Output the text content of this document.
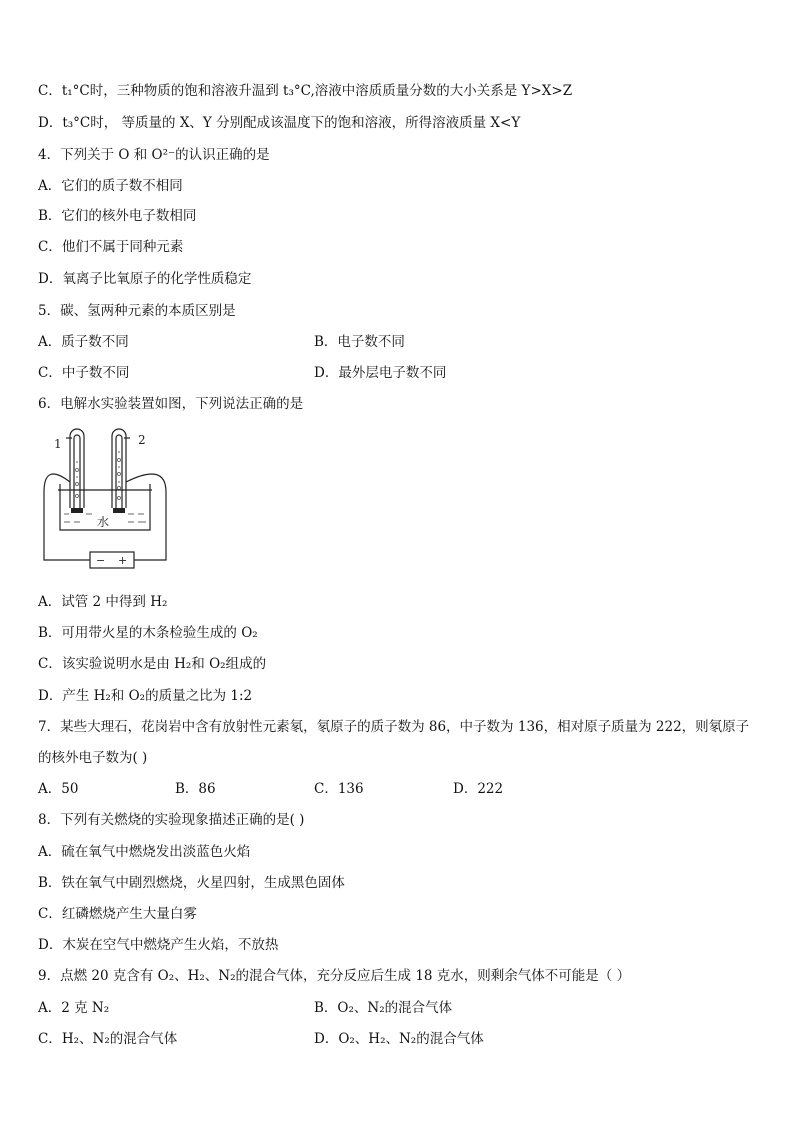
C．t₁°C时，三种物质的饱和溶液升温到 t₃°C,溶液中溶质质量分数的大小关系是 Y>X>Z
D．t₃°C时， 等质量的 X、Y 分别配成该温度下的饱和溶液，所得溶液质量 X<Y
4．下列关于 O 和 O²⁻的认识正确的是
A．它们的质子数不相同
B．它们的核外电子数相同
C．他们不属于同种元素
D．氧离子比氧原子的化学性质稳定
5．碳、氢两种元素的本质区别是
A．质子数不同	B．电子数不同
C．中子数不同	D．最外层电子数不同
6．电解水实验装置如图，下列说法正确的是
− +
1	2
水
A．试管 2 中得到 H₂
B．可用带火星的木条检验生成的 O₂
C．该实验说明水是由 H₂和 O₂组成的
D．产生 H₂和 O₂的质量之比为 1:2
7．某些大理石，花岗岩中含有放射性元素氡，氡原子的质子数为 86，中子数为 136，相对原子质量为 222，则氡原子
的核外电子数为( )
A．50	B．86	C．136	D．222
8．下列有关燃烧的实验现象描述正确的是( )
A．硫在氧气中燃烧发出淡蓝色火焰
B．铁在氧气中剧烈燃烧，火星四射，生成黑色固体
C．红磷燃烧产生大量白雾
D．木炭在空气中燃烧产生火焰，不放热
9．点燃 20 克含有 O₂、H₂、N₂的混合气体，充分反应后生成 18 克水，则剩余气体不可能是（ ）
A．2 克 N₂	B．O₂、N₂的混合气体
C．H₂、N₂的混合气体	D．O₂、H₂、N₂的混合气体
